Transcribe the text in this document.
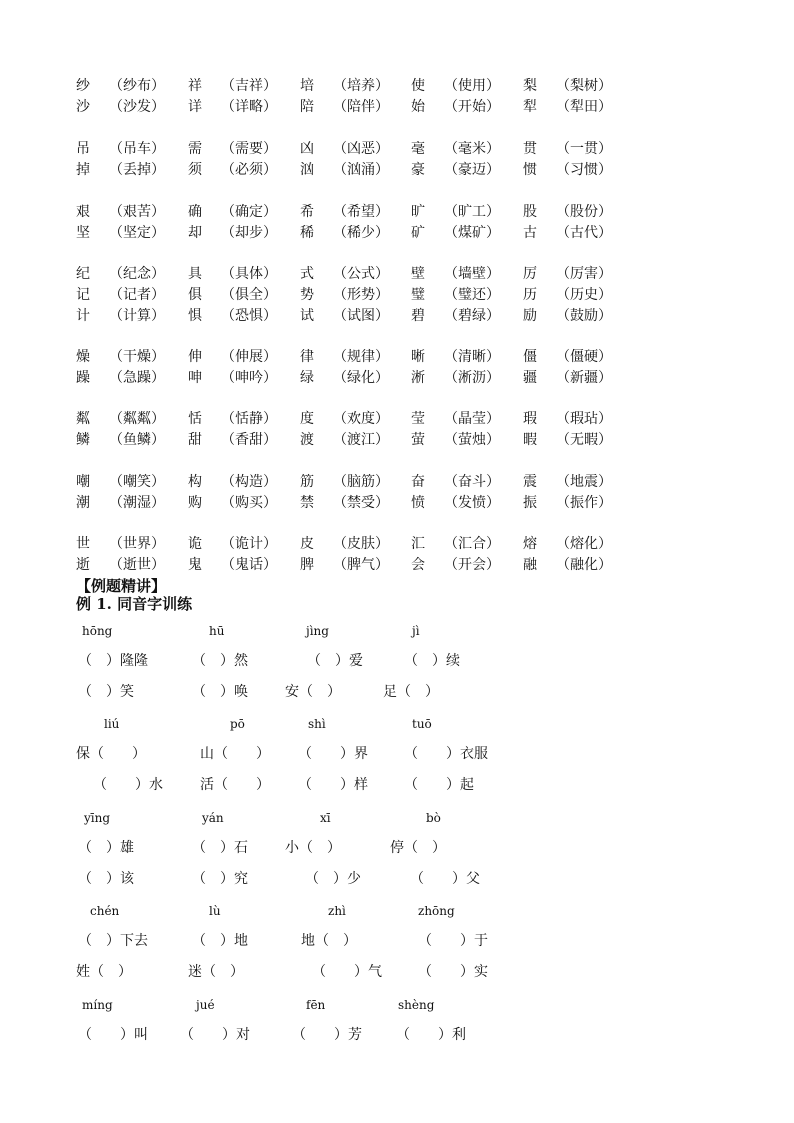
纱 （纱布） 祥 （吉祥） 培 （培养） 使 （使用） 梨 （梨树）
沙 （沙发） 详 （详略） 陪 （陪伴） 始 （开始） 犁 （犁田）
吊 （吊车） 需 （需要） 凶 （凶恶） 毫 （毫米） 贯 （一贯）
掉 （丢掉） 须 （必须） 汹 （汹涌） 豪 （豪迈） 惯 （习惯）
艰 （艰苦） 确 （确定） 希 （希望） 旷 （旷工） 股 （股份）
坚 （坚定） 却 （却步） 稀 （稀少） 矿 （煤矿） 古 （古代）
纪 （纪念） 具 （具体） 式 （公式） 壁 （墙壁） 厉 （厉害）
记 （记者） 俱 （俱全） 势 （形势） 璧 （璧还） 历 （历史）
计 （计算） 惧 （恐惧） 试 （试图） 碧 （碧绿） 励 （鼓励）
燥 （干燥） 伸 （伸展） 律 （规律） 晰 （清晰） 僵 （僵硬）
躁 （急躁） 呻 （呻吟） 绿 （绿化） 淅 （淅沥） 疆 （新疆）
粼 （粼粼） 恬 （恬静） 度 （欢度） 莹 （晶莹） 瑕 （瑕玷）
鳞 （鱼鳞） 甜 （香甜） 渡 （渡江） 萤 （萤烛） 暇 （无暇）
嘲 （嘲笑） 构 （构造） 筋 （脑筋） 奋 （奋斗） 震 （地震）
潮 （潮湿） 购 （购买） 禁 （禁受） 愤 （发愤） 振 （振作）
世 （世界） 诡 （诡计） 皮 （皮肤） 汇 （汇合） 熔 （熔化）
逝 （逝世） 鬼 （鬼话） 脾 （脾气） 会 （开会） 融 （融化）
【例题精讲】
例 1. 同音字训练
hōng	hū	jìng	jì
（　）隆隆	（　）然	（　）爱	（　）续
（　）笑	（　）唤	安（　）	足（　）
liú	pō	shì	tuō
保（　　）	山（　　） （　　）界	（　　）衣服
（　　）水	活（　　） （　　）样	（　　）起
yīng	yán	xī	bò
（　）雄	（　）石	小（　）	停（　）
（　）该	（　）究	（　）少	（　　）父
chén	lù	zhì	zhōng
（　）下去	（　）地	地（　）	（　　）于
姓（　）	迷（　）	（　　）气	（　　）实
míng	jué	fēn	shèng
（　　）叫 （　　）对	（　　）芳 （　　）利
